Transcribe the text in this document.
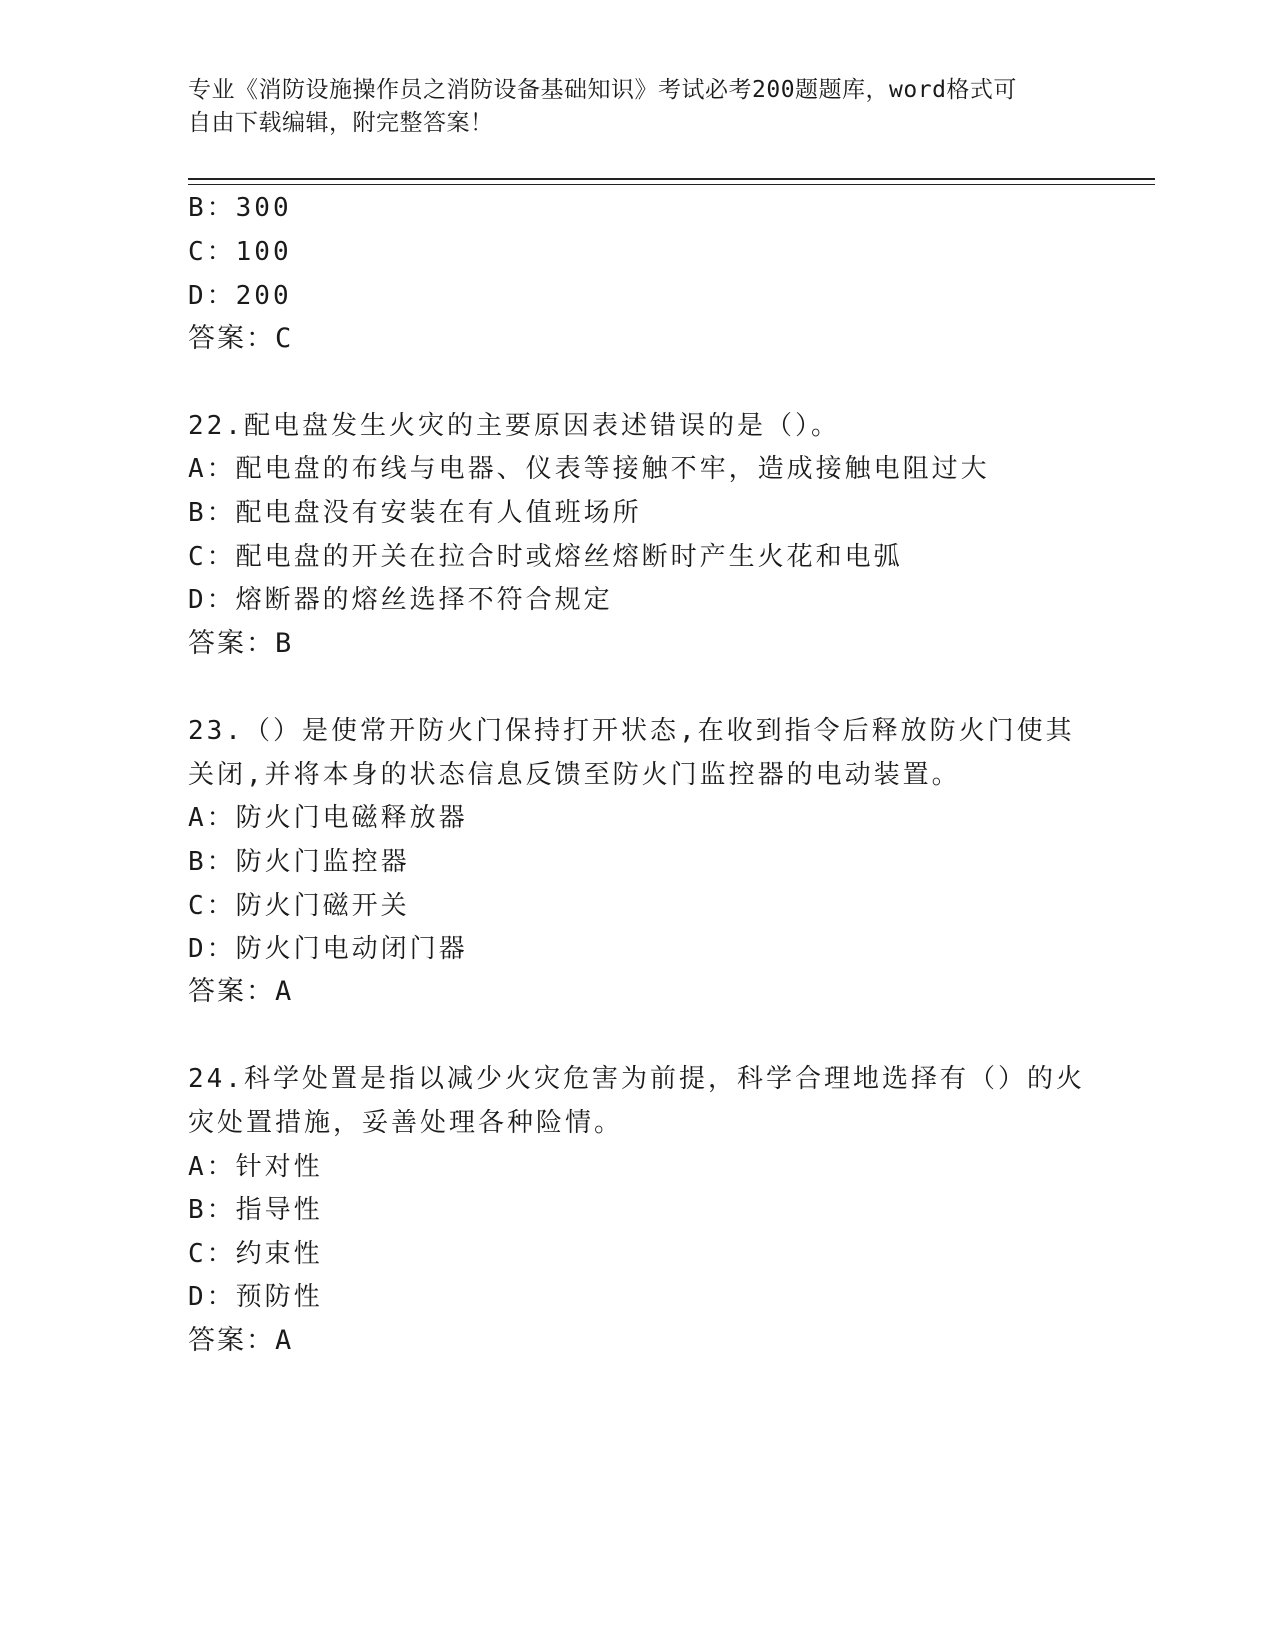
专业《消防设施操作员之消防设备基础知识》考试必考200题题库，word格式可
自由下载编辑，附完整答案！
B：300
C：100
D：200
答案：C
22.配电盘发生火灾的主要原因表述错误的是（）。
A：配电盘的布线与电器、仪表等接触不牢，造成接触电阻过大
B：配电盘没有安装在有人值班场所
C：配电盘的开关在拉合时或熔丝熔断时产生火花和电弧
D：熔断器的熔丝选择不符合规定
答案：B
23.（）是使常开防火门保持打开状态,在收到指令后释放防火门使其
关闭,并将本身的状态信息反馈至防火门监控器的电动装置。
A：防火门电磁释放器
B：防火门监控器
C：防火门磁开关
D：防火门电动闭门器
答案：A
24.科学处置是指以减少火灾危害为前提，科学合理地选择有（）的火
灾处置措施，妥善处理各种险情。
A：针对性
B：指导性
C：约束性
D：预防性
答案：A
